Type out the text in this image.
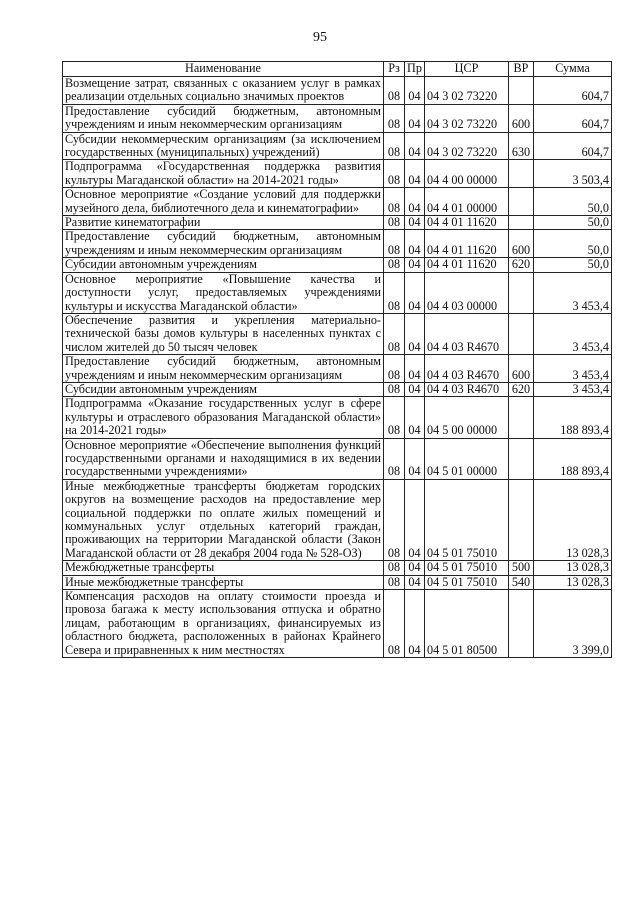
95
Наименование	Рз	Пр	ЦСР	ВР	Сумма
Возмещение затрат, связанных с оказанием услуг в рамках реализации отдельных социально значимых проектов	08	04	04 3 02 73220		604,7
Предоставление субсидий бюджетным, автономным учреждениям и иным некоммерческим организациям	08	04	04 3 02 73220	600	604,7
Субсидии некоммерческим организациям (за исключением государственных (муниципальных) учреждений)	08	04	04 3 02 73220	630	604,7
Подпрограмма «Государственная поддержка развития культуры Магаданской области» на 2014-2021 годы»	08	04	04 4 00 00000		3 503,4
Основное мероприятие «Создание условий для поддержки музейного дела, библиотечного дела и кинематографии»	08	04	04 4 01 00000		50,0
Развитие кинематографии	08	04	04 4 01 11620		50,0
Предоставление субсидий бюджетным, автономным учреждениям и иным некоммерческим организациям	08	04	04 4 01 11620	600	50,0
Субсидии автономным учреждениям	08	04	04 4 01 11620	620	50,0
Основное мероприятие «Повышение качества и доступности услуг, предоставляемых учреждениями культуры и искусства Магаданской области»	08	04	04 4 03 00000		3 453,4
Обеспечение развития и укрепления материально-технической базы домов культуры в населенных пунктах с числом жителей до 50 тысяч человек	08	04	04 4 03 R4670		3 453,4
Предоставление субсидий бюджетным, автономным учреждениям и иным некоммерческим организациям	08	04	04 4 03 R4670	600	3 453,4
Субсидии автономным учреждениям	08	04	04 4 03 R4670	620	3 453,4
Подпрограмма «Оказание государственных услуг в сфере культуры и отраслевого образования Магаданской области» на 2014-2021 годы»	08	04	04 5 00 00000		188 893,4
Основное мероприятие «Обеспечение выполнения функций государственными органами и находящимися в их ведении государственными учреждениями»	08	04	04 5 01 00000		188 893,4
Иные межбюджетные трансферты бюджетам городских округов на возмещение расходов на предоставление мер социальной поддержки по оплате жилых помещений и коммунальных услуг отдельных категорий граждан, проживающих на территории Магаданской области (Закон Магаданской области от 28 декабря 2004 года № 528-ОЗ)	08	04	04 5 01 75010		13 028,3
Межбюджетные трансферты	08	04	04 5 01 75010	500	13 028,3
Иные межбюджетные трансферты	08	04	04 5 01 75010	540	13 028,3
Компенсация расходов на оплату стоимости проезда и провоза багажа к месту использования отпуска и обратно лицам, работающим в организациях, финансируемых из областного бюджета, расположенных в районах Крайнего Севера и приравненных к ним местностях	08	04	04 5 01 80500		3 399,0
